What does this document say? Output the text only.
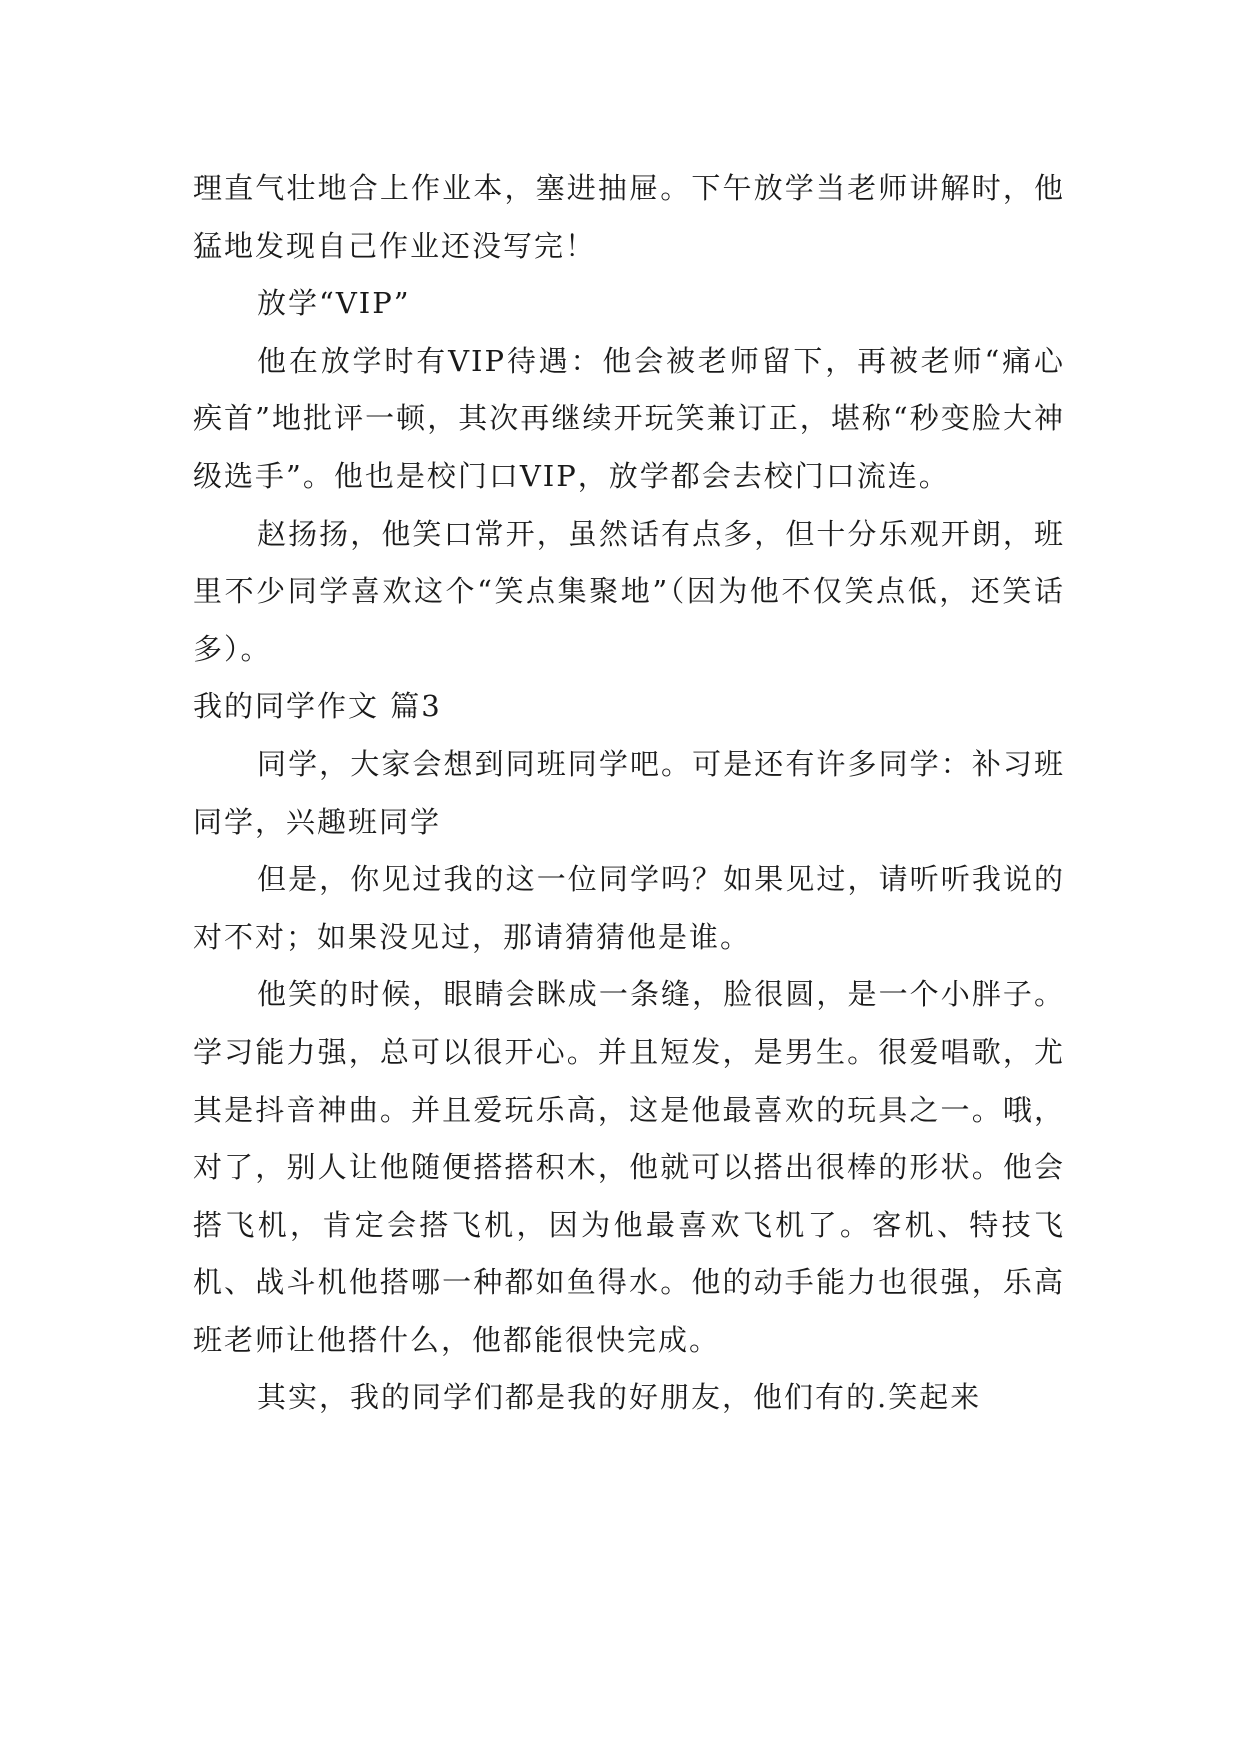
理直气壮地合上作业本，塞进抽屉。下午放学当老师讲解时，他猛地发现自己作业还没写完！

放学“VIP”

他在放学时有VIP待遇：他会被老师留下，再被老师“痛心疾首”地批评一顿，其次再继续开玩笑兼订正，堪称“秒变脸大神级选手”。他也是校门口VIP，放学都会去校门口流连。

赵扬扬，他笑口常开，虽然话有点多，但十分乐观开朗，班里不少同学喜欢这个“笑点集聚地”（因为他不仅笑点低，还笑话多）。

我的同学作文 篇3

同学，大家会想到同班同学吧。可是还有许多同学：补习班同学，兴趣班同学

但是，你见过我的这一位同学吗？如果见过，请听听我说的对不对；如果没见过，那请猜猜他是谁。

他笑的时候，眼睛会眯成一条缝，脸很圆，是一个小胖子。学习能力强，总可以很开心。并且短发，是男生。很爱唱歌，尤其是抖音神曲。并且爱玩乐高，这是他最喜欢的玩具之一。哦，对了，别人让他随便搭搭积木，他就可以搭出很棒的形状。他会搭飞机，肯定会搭飞机，因为他最喜欢飞机了。客机、特技飞机、战斗机他搭哪一种都如鱼得水。他的动手能力也很强，乐高班老师让他搭什么，他都能很快完成。

其实，我的同学们都是我的好朋友，他们有的.笑起来
